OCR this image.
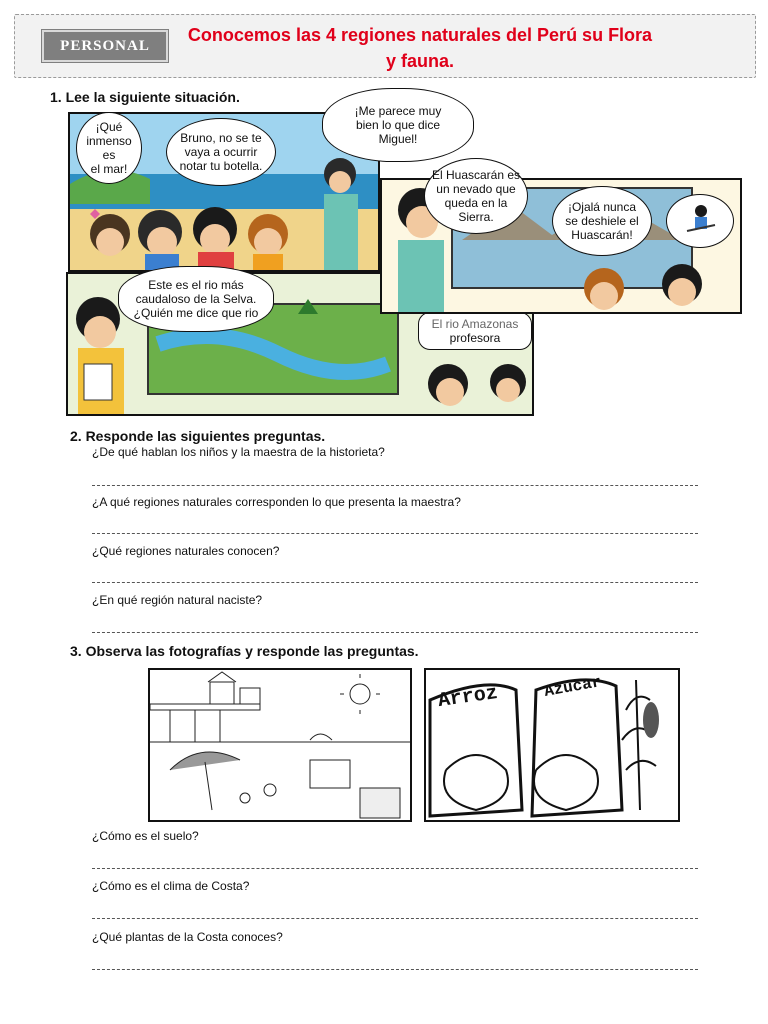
PERSONAL
Conocemos las 4 regiones naturales del Perú su Flora
y fauna.
1. Lee la siguiente situación.
¡Qué
inmenso es
el mar!
Bruno, no se te
vaya a ocurrir
notar tu botella.
¡Me parece muy
bien lo que dice
Miguel!
Este es el rio más
caudaloso de la Selva.
¿Quién me dice que rio
El rio Amazonas
profesora
El Huascarán es
un nevado que
queda en la
Sierra.
¡Ojalá nunca
se deshiele el
Huascarán!
2. Responde las siguientes preguntas.
¿De qué hablan los niños y la maestra de la historieta?
¿A qué regiones naturales corresponden lo que presenta la maestra?
¿Qué regiones naturales conocen?
¿En qué región natural naciste?
3. Observa las fotografías y responde las preguntas.
Arroz	Azucar
¿Cómo es el suelo?
¿Cómo es el clima de Costa?
¿Qué plantas de la Costa conoces?
